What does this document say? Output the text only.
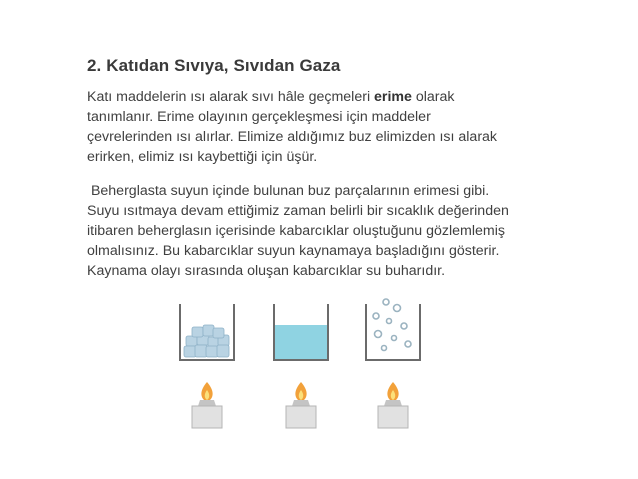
2. Katıdan Sıvıya, Sıvıdan Gaza

Katı maddelerin ısı alarak sıvı hâle geçmeleri erime olarak
tanımlanır. Erime olayının gerçekleşmesi için maddeler
çevrelerinden ısı alırlar. Elimize aldığımız buz elimizden ısı alarak
erirken, elimiz ısı kaybettiği için üşür.

Beherglasta suyun içinde bulunan buz parçalarının erimesi gibi.
Suyu ısıtmaya devam ettiğimiz zaman belirli bir sıcaklık değerinden
itibaren beherglasın içerisinde kabarcıklar oluştuğunu gözlemlemiş
olmalısınız. Bu kabarcıklar suyun kaynamaya başladığını gösterir.
Kaynama olayı sırasında oluşan kabarcıklar su buharıdır.
